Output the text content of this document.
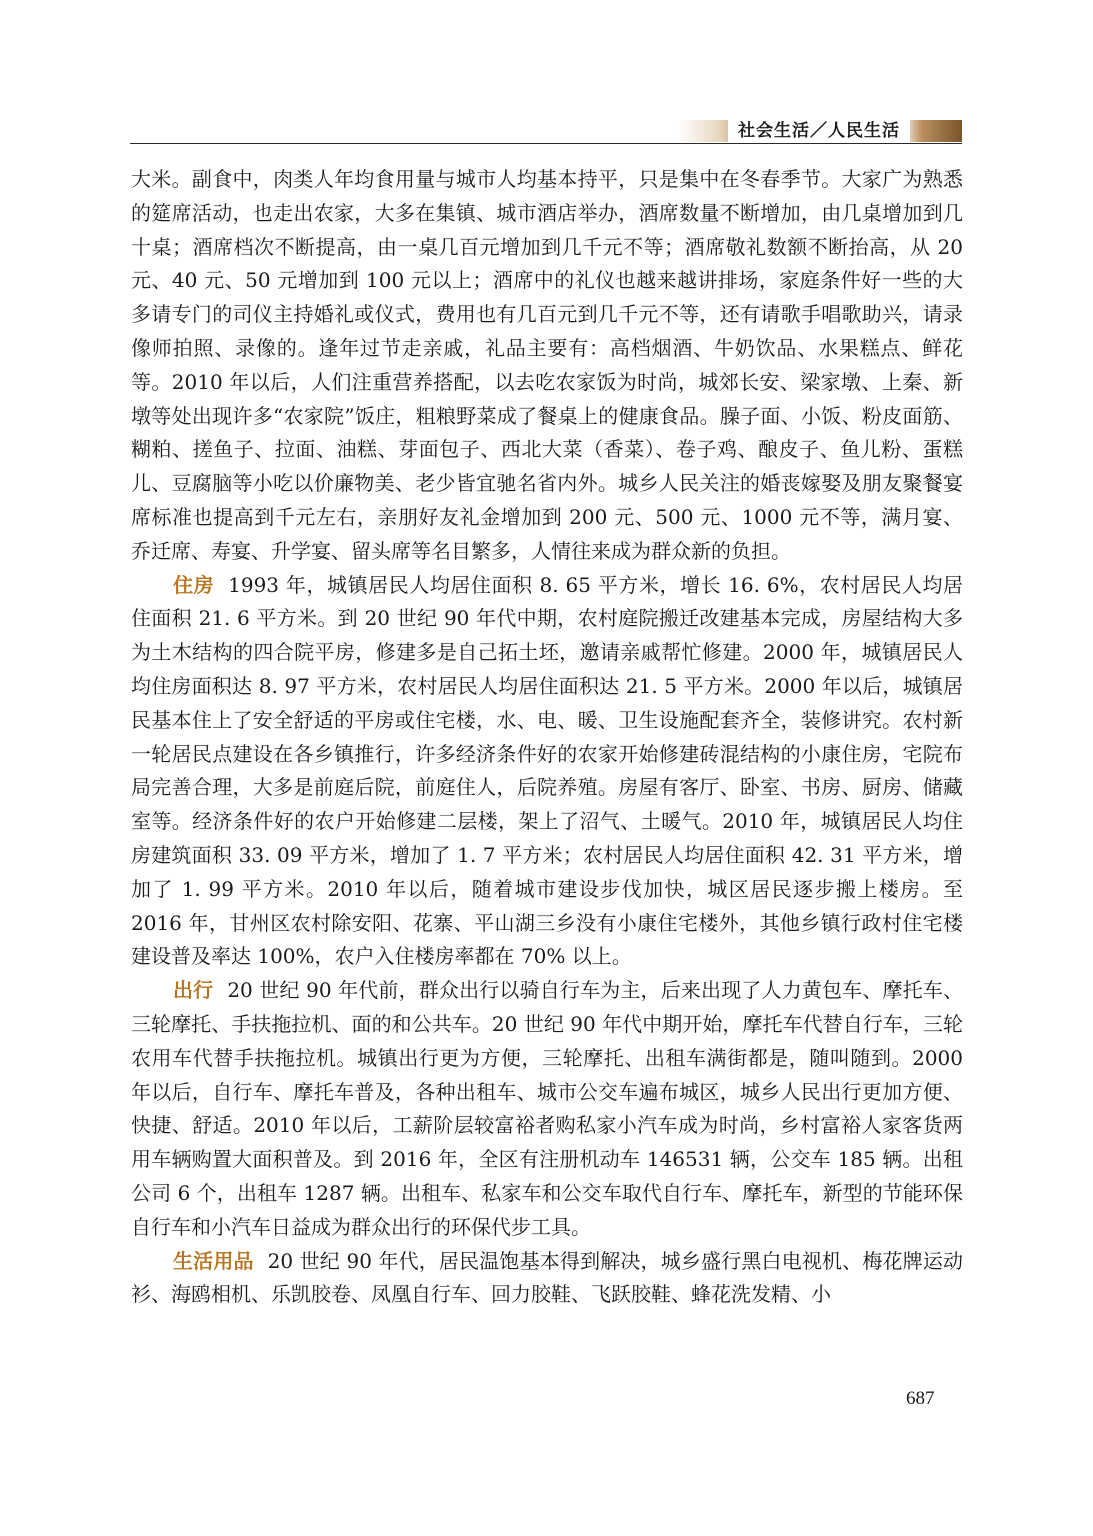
社会生活／人民生活

大米。副食中，肉类人年均食用量与城市人均基本持平，只是集中在冬春季节。大家广为熟悉的筵席活动，也走出农家，大多在集镇、城市酒店举办，酒席数量不断增加，由几桌增加到几十桌；酒席档次不断提高，由一桌几百元增加到几千元不等；酒席敬礼数额不断抬高，从 20 元、40 元、50 元增加到 100 元以上；酒席中的礼仪也越来越讲排场，家庭条件好一些的大多请专门的司仪主持婚礼或仪式，费用也有几百元到几千元不等，还有请歌手唱歌助兴，请录像师拍照、录像的。逢年过节走亲戚，礼品主要有：高档烟酒、牛奶饮品、水果糕点、鲜花等。2010 年以后，人们注重营养搭配，以去吃农家饭为时尚，城郊长安、梁家墩、上秦、新墩等处出现许多“农家院”饭庄，粗粮野菜成了餐桌上的健康食品。臊子面、小饭、粉皮面筋、糊粕、搓鱼子、拉面、油糕、芽面包子、西北大菜（香菜）、卷子鸡、酿皮子、鱼儿粉、蛋糕儿、豆腐脑等小吃以价廉物美、老少皆宜驰名省内外。城乡人民关注的婚丧嫁娶及朋友聚餐宴席标准也提高到千元左右，亲朋好友礼金增加到 200 元、500 元、1000 元不等，满月宴、乔迁席、寿宴、升学宴、留头席等名目繁多，人情往来成为群众新的负担。

住房 1993 年，城镇居民人均居住面积 8. 65 平方米，增长 16. 6%，农村居民人均居住面积 21. 6 平方米。到 20 世纪 90 年代中期，农村庭院搬迁改建基本完成，房屋结构大多为土木结构的四合院平房，修建多是自己拓土坯，邀请亲戚帮忙修建。2000 年，城镇居民人均住房面积达 8. 97 平方米，农村居民人均居住面积达 21. 5 平方米。2000 年以后，城镇居民基本住上了安全舒适的平房或住宅楼，水、电、暖、卫生设施配套齐全，装修讲究。农村新一轮居民点建设在各乡镇推行，许多经济条件好的农家开始修建砖混结构的小康住房，宅院布局完善合理，大多是前庭后院，前庭住人，后院养殖。房屋有客厅、卧室、书房、厨房、储藏室等。经济条件好的农户开始修建二层楼，架上了沼气、土暖气。2010 年，城镇居民人均住房建筑面积 33. 09 平方米，增加了 1. 7 平方米；农村居民人均居住面积 42. 31 平方米，增加了 1. 99 平方米。2010 年以后，随着城市建设步伐加快，城区居民逐步搬上楼房。至 2016 年，甘州区农村除安阳、花寨、平山湖三乡没有小康住宅楼外，其他乡镇行政村住宅楼建设普及率达 100%，农户入住楼房率都在 70% 以上。

出行 20 世纪 90 年代前，群众出行以骑自行车为主，后来出现了人力黄包车、摩托车、三轮摩托、手扶拖拉机、面的和公共车。20 世纪 90 年代中期开始，摩托车代替自行车，三轮农用车代替手扶拖拉机。城镇出行更为方便，三轮摩托、出租车满街都是，随叫随到。2000 年以后，自行车、摩托车普及，各种出租车、城市公交车遍布城区，城乡人民出行更加方便、快捷、舒适。2010 年以后，工薪阶层较富裕者购私家小汽车成为时尚，乡村富裕人家客货两用车辆购置大面积普及。到 2016 年，全区有注册机动车 146531 辆，公交车 185 辆。出租公司 6 个，出租车 1287 辆。出租车、私家车和公交车取代自行车、摩托车，新型的节能环保自行车和小汽车日益成为群众出行的环保代步工具。

生活用品 20 世纪 90 年代，居民温饱基本得到解决，城乡盛行黑白电视机、梅花牌运动衫、海鸥相机、乐凯胶卷、凤凰自行车、回力胶鞋、飞跃胶鞋、蜂花洗发精、小

687
